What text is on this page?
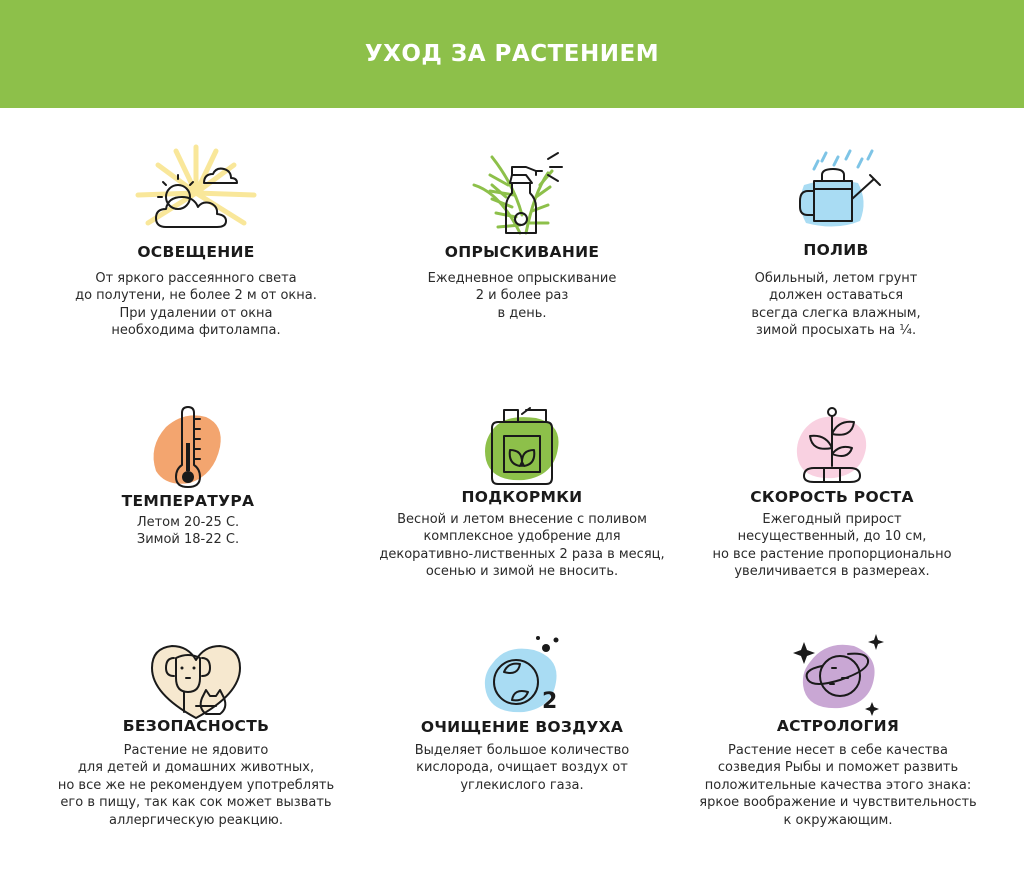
УХОД ЗА РАСТЕНИЕМ
ОСВЕЩЕНИЕ
От яркого рассеянного света
до полутени, не более 2 м от окна.
При удалении от окна
необходима фитолампа.
ОПРЫСКИВАНИЕ
Ежедневное опрыскивание
2 и более раз
в день.
ПОЛИВ
Обильный, летом грунт
должен оставаться
всегда слегка влажным,
зимой просыхать на ¼.
ТЕМПЕРАТУРА
Летом 20-25 С.
Зимой 18-22 С.
ПОДКОРМКИ
Весной и летом внесение с поливом
комплексное удобрение для
декоративно-лиственных 2 раза в месяц,
осенью и зимой не вносить.
СКОРОСТЬ РОСТА
Ежегодный прирост
несущественный, до 10 см,
но все растение пропорционально
увеличивается в размереах.
БЕЗОПАСНОСТЬ
Растение не ядовито
для детей и домашних животных,
но все же не рекомендуем употреблять
его в пищу, так как сок может вызвать
аллергическую реакцию.
2
ОЧИЩЕНИЕ ВОЗДУХА
Выделяет большое количество
кислорода, очищает воздух от
углекислого газа.
АСТРОЛОГИЯ
Растение несет в себе качества
созведия Рыбы и поможет развить
положительные качества этого знака:
яркое воображение и чувствительность
к окружающим.
